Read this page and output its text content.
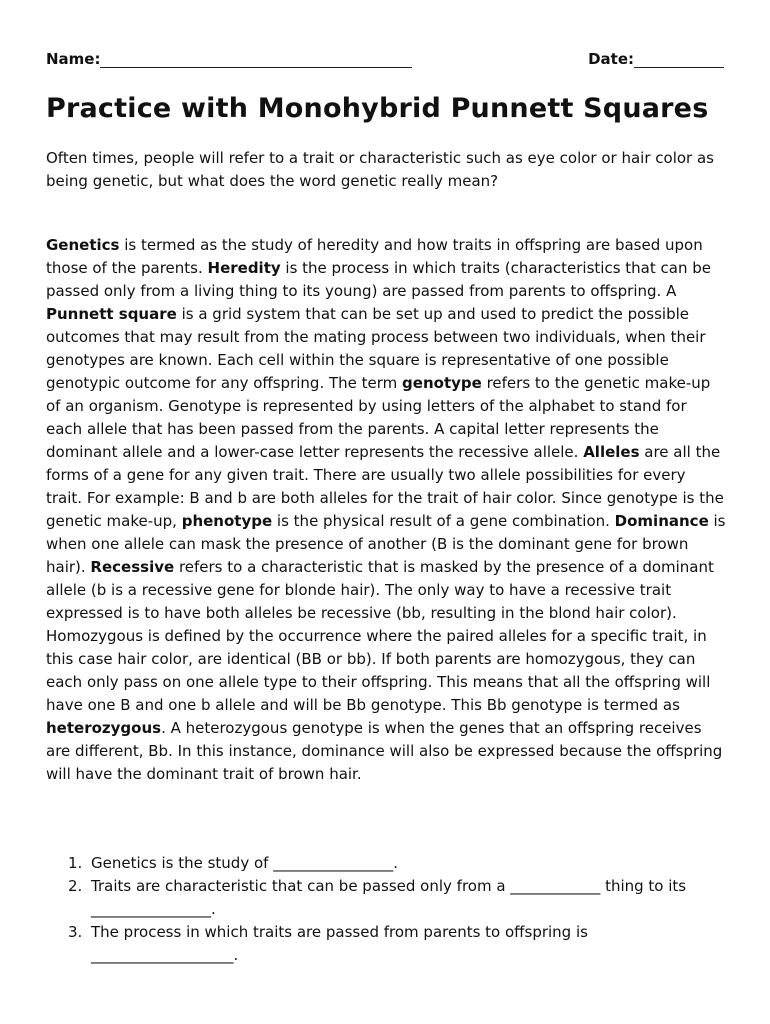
Name:	Date:
Practice with Monohybrid Punnett Squares

Often times, people will refer to a trait or characteristic such as eye color or hair color as being genetic, but what does the word genetic really mean?

Genetics is termed as the study of heredity and how traits in offspring are based upon those of the parents. Heredity is the process in which traits (characteristics that can be passed only from a living thing to its young) are passed from parents to offspring. A Punnett square is a grid system that can be set up and used to predict the possible outcomes that may result from the mating process between two individuals, when their genotypes are known. Each cell within the square is representative of one possible genotypic outcome for any offspring. The term genotype refers to the genetic make-up of an organism. Genotype is represented by using letters of the alphabet to stand for each allele that has been passed from the parents. A capital letter represents the dominant allele and a lower-case letter represents the recessive allele. Alleles are all the forms of a gene for any given trait. There are usually two allele possibilities for every trait. For example: B and b are both alleles for the trait of hair color. Since genotype is the genetic make-up, phenotype is the physical result of a gene combination. Dominance is when one allele can mask the presence of another (B is the dominant gene for brown hair). Recessive refers to a characteristic that is masked by the presence of a dominant allele (b is a recessive gene for blonde hair). The only way to have a recessive trait expressed is to have both alleles be recessive (bb, resulting in the blond hair color). Homozygous is defined by the occurrence where the paired alleles for a specific trait, in this case hair color, are identical (BB or bb). If both parents are homozygous, they can each only pass on one allele type to their offspring. This means that all the offspring will have one B and one b allele and will be Bb genotype. This Bb genotype is termed as heterozygous. A heterozygous genotype is when the genes that an offspring receives are different, Bb. In this instance, dominance will also be expressed because the offspring will have the dominant trait of brown hair.

1. Genetics is the study of ________________.
2. Traits are characteristic that can be passed only from a ____________ thing to its ________________.
3. The process in which traits are passed from parents to offspring is ___________________.
